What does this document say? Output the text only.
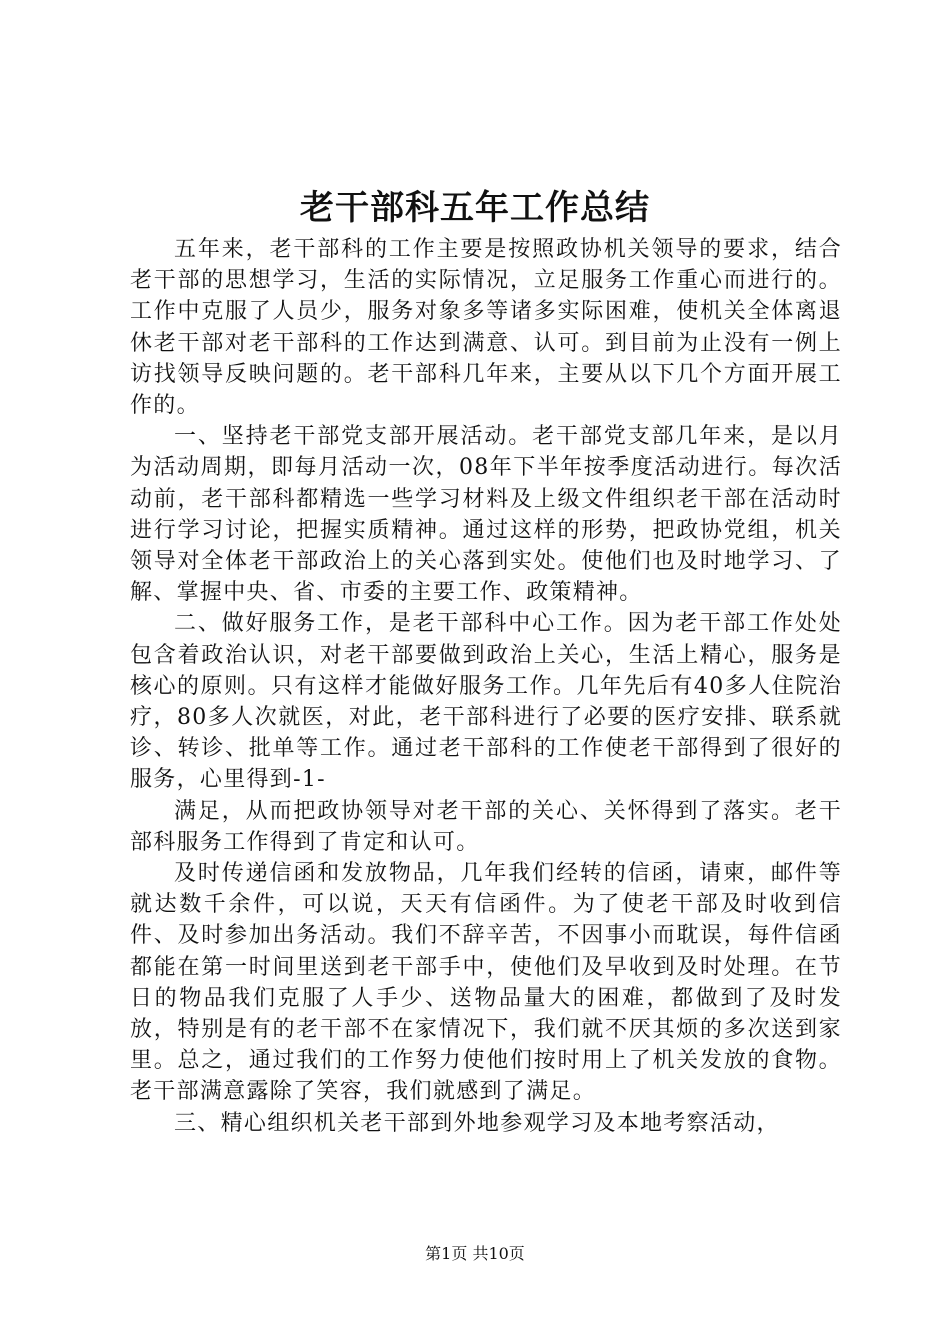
老干部科五年工作总结

五年来，老干部科的工作主要是按照政协机关领导的要求，结合老干部的思想学习，生活的实际情况，立足服务工作重心而进行的。工作中克服了人员少，服务对象多等诸多实际困难，使机关全体离退休老干部对老干部科的工作达到满意、认可。到目前为止没有一例上访找领导反映问题的。老干部科几年来，主要从以下几个方面开展工作的。

一、坚持老干部党支部开展活动。老干部党支部几年来，是以月为活动周期，即每月活动一次，08年下半年按季度活动进行。每次活动前，老干部科都精选一些学习材料及上级文件组织老干部在活动时进行学习讨论，把握实质精神。通过这样的形势，把政协党组，机关领导对全体老干部政治上的关心落到实处。使他们也及时地学习、了解、掌握中央、省、市委的主要工作、政策精神。

二、做好服务工作，是老干部科中心工作。因为老干部工作处处包含着政治认识，对老干部要做到政治上关心，生活上精心，服务是核心的原则。只有这样才能做好服务工作。几年先后有40多人住院治疗，80多人次就医，对此，老干部科进行了必要的医疗安排、联系就诊、转诊、批单等工作。通过老干部科的工作使老干部得到了很好的服务，心里得到-1-

满足，从而把政协领导对老干部的关心、关怀得到了落实。老干部科服务工作得到了肯定和认可。

及时传递信函和发放物品，几年我们经转的信函，请柬，邮件等就达数千余件，可以说，天天有信函件。为了使老干部及时收到信件、及时参加出务活动。我们不辞辛苦，不因事小而耽误，每件信函都能在第一时间里送到老干部手中，使他们及早收到及时处理。在节日的物品我们克服了人手少、送物品量大的困难，都做到了及时发放，特别是有的老干部不在家情况下，我们就不厌其烦的多次送到家里。总之，通过我们的工作努力使他们按时用上了机关发放的食物。老干部满意露除了笑容，我们就感到了满足。

三、精心组织机关老干部到外地参观学习及本地考察活动，

第1页 共10页
